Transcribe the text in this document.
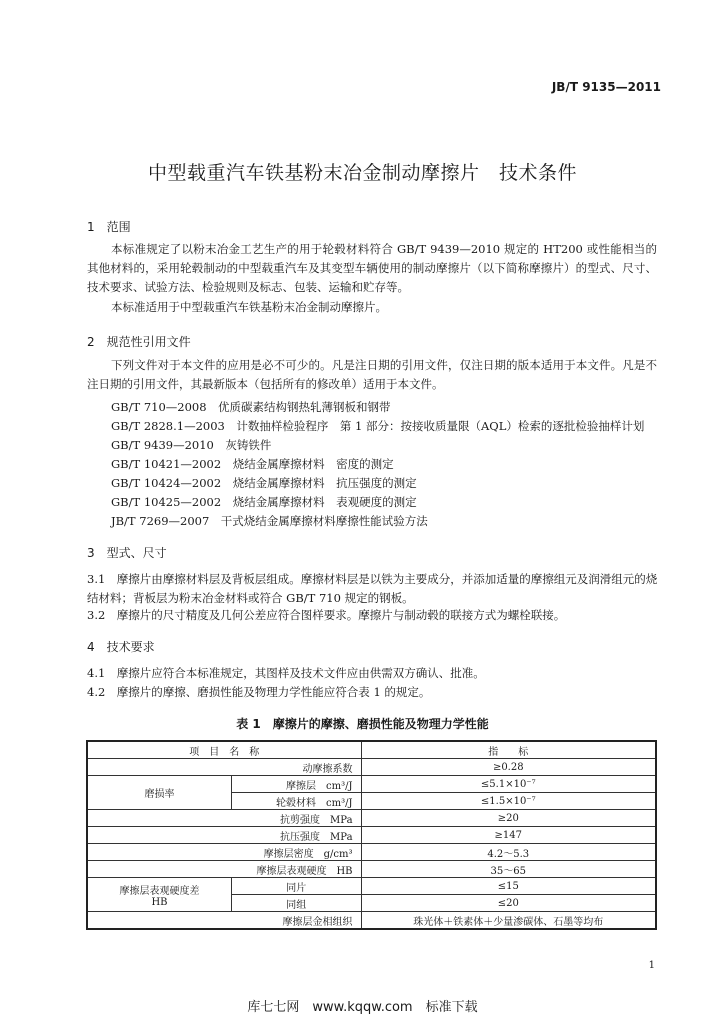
JB/T 9135—2011
中型载重汽车铁基粉末冶金制动摩擦片　技术条件
1　范围
本标准规定了以粉末冶金工艺生产的用于轮毂材料符合 GB/T 9439—2010 规定的 HT200 或性能相当的其他材料的，采用轮毂制动的中型载重汽车及其变型车辆使用的制动摩擦片（以下简称摩擦片）的型式、尺寸、技术要求、试验方法、检验规则及标志、包装、运输和贮存等。
本标准适用于中型载重汽车铁基粉末冶金制动摩擦片。
2　规范性引用文件
下列文件对于本文件的应用是必不可少的。凡是注日期的引用文件，仅注日期的版本适用于本文件。凡是不注日期的引用文件，其最新版本（包括所有的修改单）适用于本文件。
GB/T 710—2008　优质碳素结构钢热轧薄钢板和钢带
GB/T 2828.1—2003　计数抽样检验程序　第 1 部分：按接收质量限（AQL）检索的逐批检验抽样计划
GB/T 9439—2010　灰铸铁件
GB/T 10421—2002　烧结金属摩擦材料　密度的测定
GB/T 10424—2002　烧结金属摩擦材料　抗压强度的测定
GB/T 10425—2002　烧结金属摩擦材料　表观硬度的测定
JB/T 7269—2007　干式烧结金属摩擦材料摩擦性能试验方法
3　型式、尺寸
3.1　摩擦片由摩擦材料层及背板层组成。摩擦材料层是以铁为主要成分，并添加适量的摩擦组元及润滑组元的烧结材料；背板层为粉末冶金材料或符合 GB/T 710 规定的钢板。
3.2　摩擦片的尺寸精度及几何公差应符合图样要求。摩擦片与制动毂的联接方式为螺栓联接。
4　技术要求
4.1　摩擦片应符合本标准规定，其图样及技术文件应由供需双方确认、批准。
4.2　摩擦片的摩擦、磨损性能及物理力学性能应符合表 1 的规定。
表 1　摩擦片的摩擦、磨损性能及物理力学性能
项　目　名　称		指　　标
动摩擦系数		≥0.28
磨损率	摩擦层　cm³/J	≤5.1×10⁻⁷
	轮毂材料　cm³/J	≤1.5×10⁻⁷
抗剪强度　MPa		≥20
抗压强度　MPa		≥147
摩擦层密度　g/cm³		4.2～5.3
摩擦层表观硬度　HB		35～65

摩擦层表观硬度差
HB	同片	≤15
	同组	≤20
摩擦层金相组织		珠光体＋铁素体＋少量渗碳体、石墨等均布
1
库七七网　www.kqqw.com　标准下载
